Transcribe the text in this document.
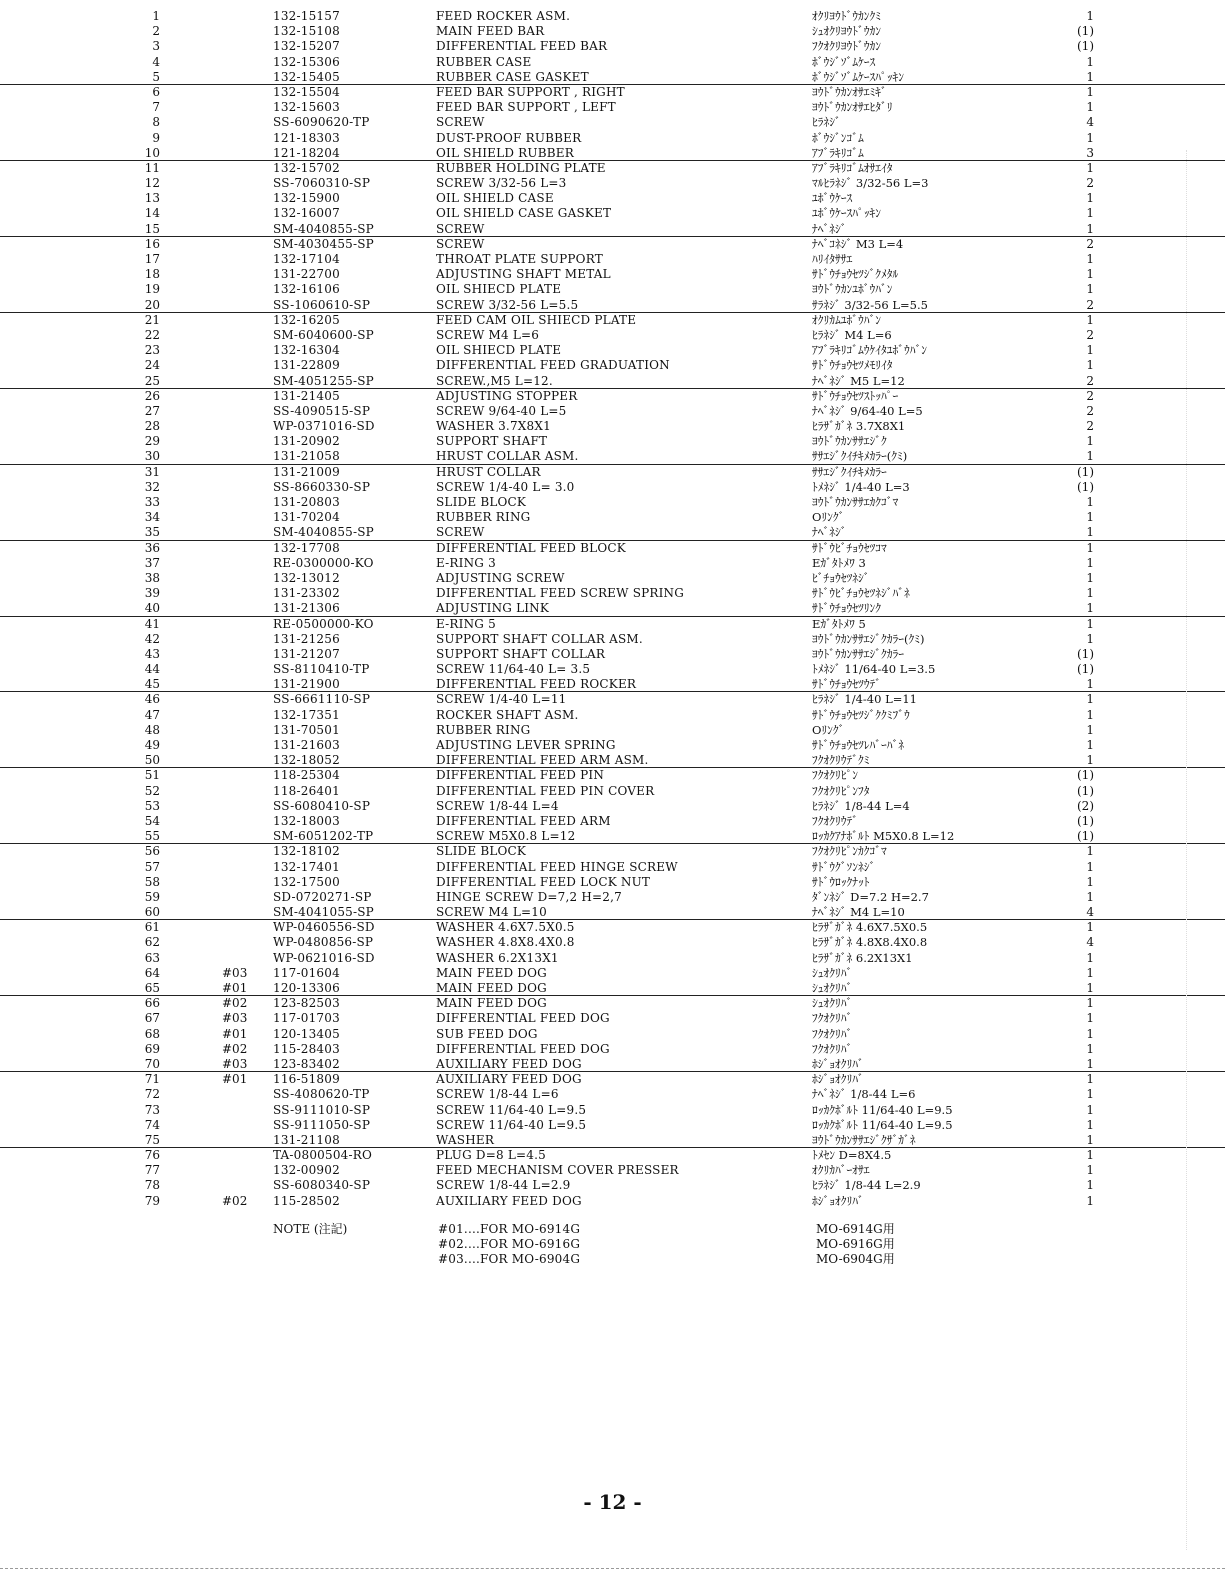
1	132-15157	FEED ROCKER ASM.	ｵｸﾘﾖｳﾄﾞｳｶﾝｸﾐ	1
2	132-15108	MAIN FEED BAR	ｼｭｵｸﾘﾖｳﾄﾞｳｶﾝ	(1)
3	132-15207	DIFFERENTIAL FEED BAR	ﾌｸｵｸﾘﾖｳﾄﾞｳｶﾝ	(1)
4	132-15306	RUBBER CASE	ﾎﾞｳｼﾞｿﾞﾑｹｰｽ	1
5	132-15405	RUBBER CASE GASKET	ﾎﾞｳｼﾞｿﾞﾑｹｰｽﾊﾟｯｷﾝ	1
6	132-15504	FEED BAR SUPPORT , RIGHT	ﾖｳﾄﾞｳｶﾝｵｻｴﾐｷﾞ	1
7	132-15603	FEED BAR SUPPORT , LEFT	ﾖｳﾄﾞｳｶﾝｵｻｴﾋﾀﾞﾘ	1
8	SS-6090620-TP	SCREW	ﾋﾗﾈｼﾞ	4
9	121-18303	DUST-PROOF RUBBER	ﾎﾞｳｼﾞﾝｺﾞﾑ	1
10	121-18204	OIL SHIELD RUBBER	ｱﾌﾞﾗｷﾘｺﾞﾑ	3
11	132-15702	RUBBER HOLDING PLATE	ｱﾌﾞﾗｷﾘｺﾞﾑｵｻｴｲﾀ	1
12	SS-7060310-SP	SCREW 3/32-56 L=3	ﾏﾙﾋﾗﾈｼﾞ 3/32-56 L=3	2
13	132-15900	OIL SHIELD CASE	ﾕﾎﾞｳｹｰｽ	1
14	132-16007	OIL SHIELD CASE GASKET	ﾕﾎﾞｳｹｰｽﾊﾟｯｷﾝ	1
15	SM-4040855-SP	SCREW	ﾅﾍﾞﾈｼﾞ	1
16	SM-4030455-SP	SCREW	ﾅﾍﾞｺﾈｼﾞ M3 L=4	2
17	132-17104	THROAT PLATE SUPPORT	ﾊﾘｲﾀｻｻｴ	1
18	131-22700	ADJUSTING SHAFT METAL	ｻﾄﾞｳﾁｮｳｾﾂｼﾞｸﾒﾀﾙ	1
19	132-16106	OIL SHIECD PLATE	ﾖｳﾄﾞｳｶﾝﾕﾎﾞｳﾊﾞﾝ	1
20	SS-1060610-SP	SCREW 3/32-56 L=5.5	ｻﾗﾈｼﾞ 3/32-56 L=5.5	2
21	132-16205	FEED CAM OIL SHIECD PLATE	ｵｸﾘｶﾑﾕﾎﾞｳﾊﾞﾝ	1
22	SM-6040600-SP	SCREW M4 L=6	ﾋﾗﾈｼﾞ M4 L=6	2
23	132-16304	OIL SHIECD PLATE	ｱﾌﾞﾗｷﾘｺﾞﾑｳｹｲﾀﾕﾎﾞｳﾊﾞﾝ	1
24	131-22809	DIFFERENTIAL FEED GRADUATION	ｻﾄﾞｳﾁｮｳｾﾂﾒﾓﾘｲﾀ	1
25	SM-4051255-SP	SCREW.,M5 L=12.	ﾅﾍﾞﾈｼﾞ M5 L=12	2
26	131-21405	ADJUSTING STOPPER	ｻﾄﾞｳﾁｮｳｾﾂｽﾄｯﾊﾟｰ	2
27	SS-4090515-SP	SCREW 9/64-40 L=5	ﾅﾍﾞﾈｼﾞ 9/64-40 L=5	2
28	WP-0371016-SD	WASHER 3.7X8X1	ﾋﾗｻﾞｶﾞﾈ 3.7X8X1	2
29	131-20902	SUPPORT SHAFT	ﾖｳﾄﾞｳｶﾝｻｻｴｼﾞｸ	1
30	131-21058	HRUST COLLAR ASM.	ｻｻｴｼﾞｸｲﾁｷﾒｶﾗｰ(ｸﾐ)	1
31	131-21009	HRUST COLLAR	ｻｻｴｼﾞｸｲﾁｷﾒｶﾗｰ	(1)
32	SS-8660330-SP	SCREW 1/4-40 L= 3.0	ﾄﾒﾈｼﾞ 1/4-40 L=3	(1)
33	131-20803	SLIDE BLOCK	ﾖｳﾄﾞｳｶﾝｻｻｴｶｸｺﾞﾏ	1
34	131-70204	RUBBER RING	Oﾘﾝｸﾞ	1
35	SM-4040855-SP	SCREW	ﾅﾍﾞﾈｼﾞ	1
36	132-17708	DIFFERENTIAL FEED BLOCK	ｻﾄﾞｳﾋﾞﾁｮｳｾﾂｺﾏ	1
37	RE-0300000-KO	E-RING 3	Eｶﾞﾀﾄﾒﾜ 3	1
38	132-13012	ADJUSTING SCREW	ﾋﾞﾁｮｳｾﾂﾈｼﾞ	1
39	131-23302	DIFFERENTIAL FEED SCREW SPRING	ｻﾄﾞｳﾋﾞﾁｮｳｾﾂﾈｼﾞﾊﾞﾈ	1
40	131-21306	ADJUSTING LINK	ｻﾄﾞｳﾁｮｳｾﾂﾘﾝｸ	1
41	RE-0500000-KO	E-RING 5	Eｶﾞﾀﾄﾒﾜ 5	1
42	131-21256	SUPPORT SHAFT COLLAR ASM.	ﾖｳﾄﾞｳｶﾝｻｻｴｼﾞｸｶﾗｰ(ｸﾐ)	1
43	131-21207	SUPPORT SHAFT COLLAR	ﾖｳﾄﾞｳｶﾝｻｻｴｼﾞｸｶﾗｰ	(1)
44	SS-8110410-TP	SCREW 11/64-40 L= 3.5	ﾄﾒﾈｼﾞ 11/64-40 L=3.5	(1)
45	131-21900	DIFFERENTIAL FEED ROCKER	ｻﾄﾞｳﾁｮｳｾﾂｳﾃﾞ	1
46	SS-6661110-SP	SCREW 1/4-40 L=11	ﾋﾗﾈｼﾞ 1/4-40 L=11	1
47	132-17351	ROCKER SHAFT ASM.	ｻﾄﾞｳﾁｮｳｾﾂｼﾞｸｸﾐﾌﾞｳ	1
48	131-70501	RUBBER RING	Oﾘﾝｸﾞ	1
49	131-21603	ADJUSTING LEVER SPRING	ｻﾄﾞｳﾁｮｳｾﾂﾚﾊﾞｰﾊﾞﾈ	1
50	132-18052	DIFFERENTIAL FEED ARM ASM.	ﾌｸｵｸﾘｳﾃﾞｸﾐ	1
51	118-25304	DIFFERENTIAL FEED PIN	ﾌｸｵｸﾘﾋﾟﾝ	(1)
52	118-26401	DIFFERENTIAL FEED PIN COVER	ﾌｸｵｸﾘﾋﾟﾝﾌﾀ	(1)
53	SS-6080410-SP	SCREW 1/8-44 L=4	ﾋﾗﾈｼﾞ 1/8-44 L=4	(2)
54	132-18003	DIFFERENTIAL FEED ARM	ﾌｸｵｸﾘｳﾃﾞ	(1)
55	SM-6051202-TP	SCREW M5X0.8 L=12	ﾛｯｶｸｱﾅﾎﾞﾙﾄ M5X0.8 L=12	(1)
56	132-18102	SLIDE BLOCK	ﾌｸｵｸﾘﾋﾟﾝｶｸｺﾞﾏ	1
57	132-17401	DIFFERENTIAL FEED HINGE SCREW	ｻﾄﾞｳｸﾞｿﾝﾈｼﾞ	1
58	132-17500	DIFFERENTIAL FEED LOCK NUT	ｻﾄﾞｳﾛｯｸﾅｯﾄ	1
59	SD-0720271-SP	HINGE SCREW D=7,2 H=2,7	ﾀﾞﾝﾈｼﾞ D=7.2 H=2.7	1
60	SM-4041055-SP	SCREW M4 L=10	ﾅﾍﾞﾈｼﾞ M4 L=10	4
61	WP-0460556-SD	WASHER 4.6X7.5X0.5	ﾋﾗｻﾞｶﾞﾈ 4.6X7.5X0.5	1
62	WP-0480856-SP	WASHER 4.8X8.4X0.8	ﾋﾗｻﾞｶﾞﾈ 4.8X8.4X0.8	4
63	WP-0621016-SD	WASHER 6.2X13X1	ﾋﾗｻﾞｶﾞﾈ 6.2X13X1	1
64	#03 117-01604	MAIN FEED DOG	ｼｭｵｸﾘﾊﾞ	1
65	#01 120-13306	MAIN FEED DOG	ｼｭｵｸﾘﾊﾞ	1
66	#02 123-82503	MAIN FEED DOG	ｼｭｵｸﾘﾊﾞ	1
67	#03 117-01703	DIFFERENTIAL FEED DOG	ﾌｸｵｸﾘﾊﾞ	1
68	#01 120-13405	SUB FEED DOG	ﾌｸｵｸﾘﾊﾞ	1
69	#02 115-28403	DIFFERENTIAL FEED DOG	ﾌｸｵｸﾘﾊﾞ	1
70	#03 123-83402	AUXILIARY FEED DOG	ﾎｼﾞｮｵｸﾘﾊﾞ	1
71	#01 116-51809	AUXILIARY FEED DOG	ﾎｼﾞｮｵｸﾘﾊﾞ	1
72	SS-4080620-TP	SCREW 1/8-44 L=6	ﾅﾍﾞﾈｼﾞ 1/8-44 L=6	1
73	SS-9111010-SP	SCREW 11/64-40 L=9.5	ﾛｯｶｸﾎﾞﾙﾄ 11/64-40 L=9.5	1
74	SS-9111050-SP	SCREW 11/64-40 L=9.5	ﾛｯｶｸﾎﾞﾙﾄ 11/64-40 L=9.5	1
75	131-21108	WASHER	ﾖｳﾄﾞｳｶﾝｻｻｴｼﾞｸｻﾞｶﾞﾈ	1
76	TA-0800504-RO	PLUG D=8 L=4.5	ﾄﾒｾﾝ D=8X4.5	1
77	132-00902	FEED MECHANISM COVER PRESSER	ｵｸﾘｶﾊﾞｰｵｻｴ	1
78	SS-6080340-SP	SCREW 1/8-44 L=2.9	ﾋﾗﾈｼﾞ 1/8-44 L=2.9	1
79	#02 115-28502	AUXILIARY FEED DOG	ﾎｼﾞｮｵｸﾘﾊﾞ	1
NOTE (注記)	#01....FOR MO-6914G	MO-6914G用
#02....FOR MO-6916G	MO-6916G用
#03....FOR MO-6904G	MO-6904G用
- 12 -
